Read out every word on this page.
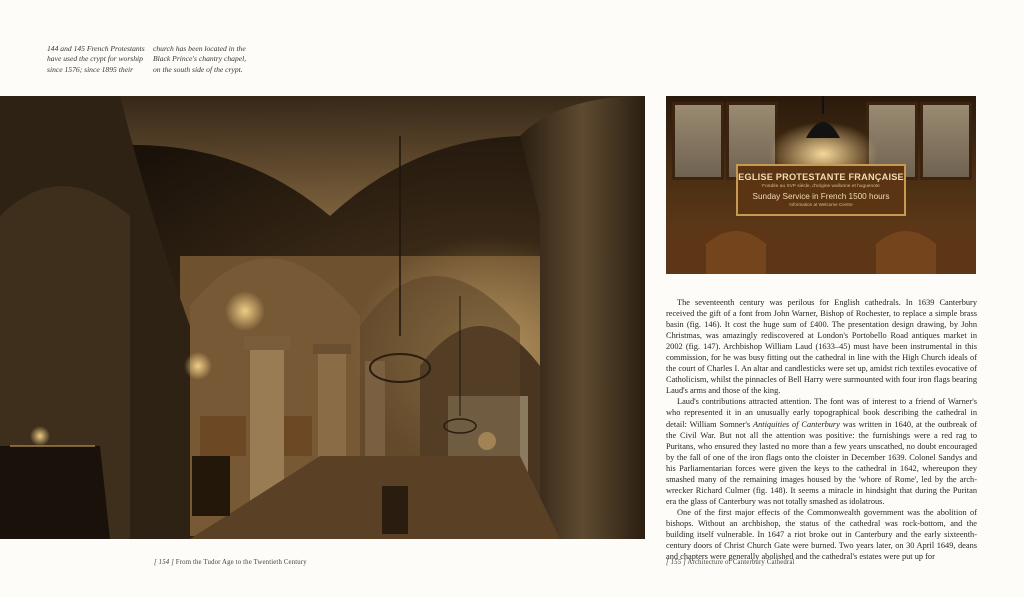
144 and 145 French Protestants have used the crypt for worship since 1576; since 1895 their
church has been located in the Black Prince's chantry chapel, on the south side of the crypt.
EGLISE PROTESTANTE FRANÇAISE
Fondée au XVIᵉ siècle, d'origine wallonne et huguenote
Sunday Service in French 1500 hours
Information at Welcome Centre

The seventeenth century was perilous for English cathedrals. In 1639 Canterbury received the gift of a font from John Warner, Bishop of Rochester, to replace a simple brass basin (fig. 146). It cost the huge sum of £400. The presentation design drawing, by John Christmas, was amazingly rediscovered at London's Portobello Road antiques market in 2002 (fig. 147). Archbishop William Laud (1633–45) must have been instrumental in this commission, for he was busy fitting out the cathedral in line with the High Church ideals of the court of Charles I. An altar and candlesticks were set up, amidst rich textiles evocative of Catholicism, whilst the pinnacles of Bell Harry were surmounted with four iron flags bearing Laud's arms and those of the king.

Laud's contributions attracted attention. The font was of interest to a friend of Warner's who represented it in an unusually early topographical book describing the cathedral in detail: William Somner's Antiquities of Canterbury was written in 1640, at the outbreak of the Civil War. But not all the attention was positive: the furnishings were a red rag to Puritans, who ensured they lasted no more than a few years unscathed, no doubt encouraged by the fall of one of the iron flags onto the cloister in December 1639. Colonel Sandys and his Parliamentarian forces were given the keys to the cathedral in 1642, whereupon they smashed many of the remaining images housed by the 'whore of Rome', led by the arch-wrecker Richard Culmer (fig. 148). It seems a miracle in hindsight that during the Puritan era the glass of Canterbury was not totally smashed as idolatrous.

One of the first major effects of the Commonwealth government was the abolition of bishops. Without an archbishop, the status of the cathedral was rock-bottom, and the building itself vulnerable. In 1647 a riot broke out in Canterbury and the early sixteenth-century doors of Christ Church Gate were burned. Two years later, on 30 April 1649, deans and chapters were generally abolished and the cathedral's estates were put up for

[ 154 ] From the Tudor Age to the Twentieth Century	[ 155 ] Architecture of Canterbury Cathedral
